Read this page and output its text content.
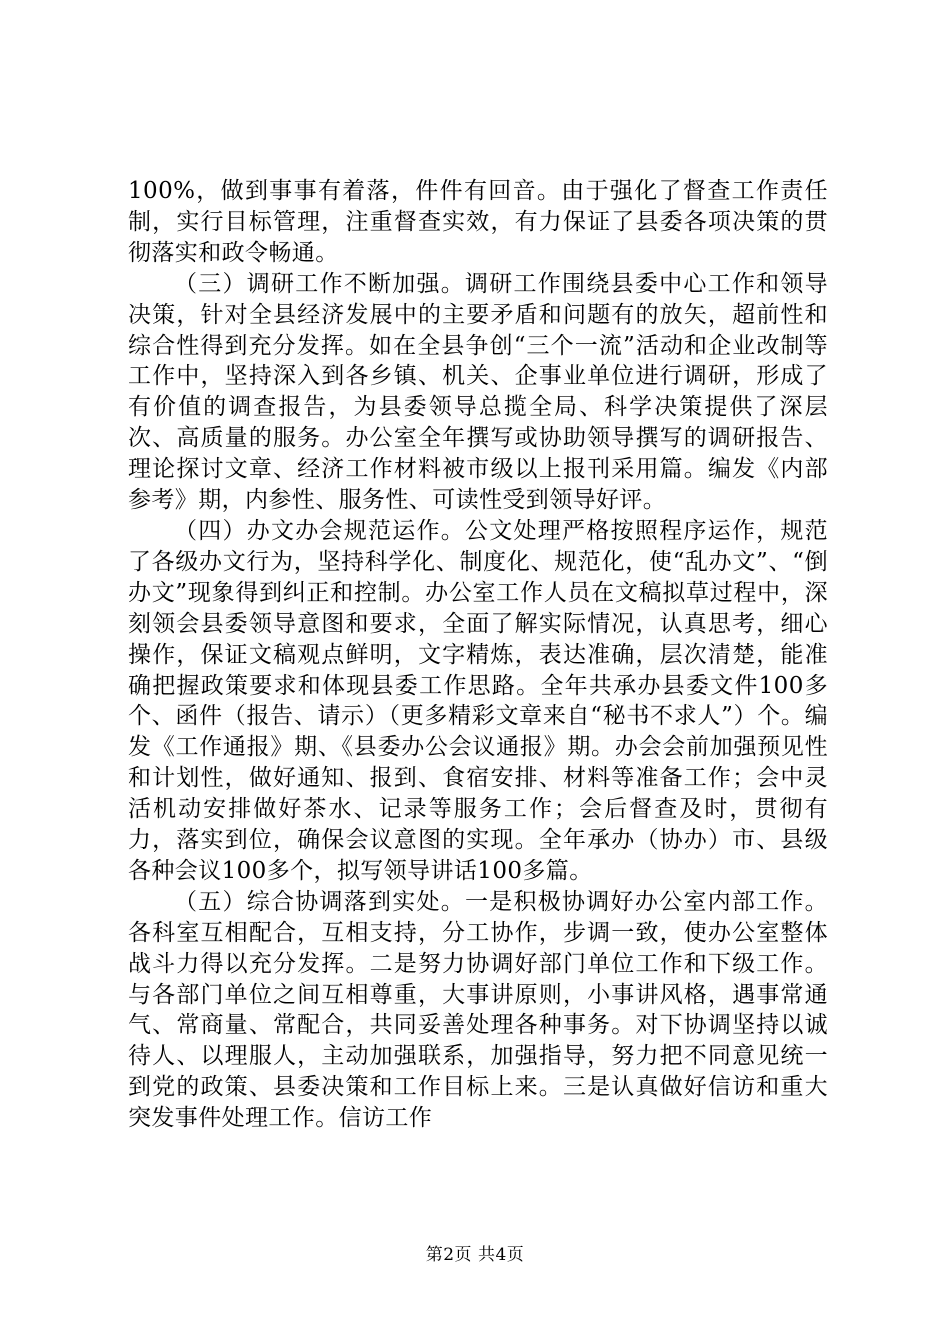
100%，做到事事有着落，件件有回音。由于强化了督查工作责任制，实行目标管理，注重督查实效，有力保证了县委各项决策的贯彻落实和政令畅通。

（三）调研工作不断加强。调研工作围绕县委中心工作和领导决策，针对全县经济发展中的主要矛盾和问题有的放矢，超前性和综合性得到充分发挥。如在全县争创“三个一流”活动和企业改制等工作中，坚持深入到各乡镇、机关、企事业单位进行调研，形成了有价值的调查报告，为县委领导总揽全局、科学决策提供了深层次、高质量的服务。办公室全年撰写或协助领导撰写的调研报告、理论探讨文章、经济工作材料被市级以上报刊采用篇。编发《内部参考》期，内参性、服务性、可读性受到领导好评。

（四）办文办会规范运作。公文处理严格按照程序运作，规范了各级办文行为，坚持科学化、制度化、规范化，使“乱办文”、“倒办文”现象得到纠正和控制。办公室工作人员在文稿拟草过程中，深刻领会县委领导意图和要求，全面了解实际情况，认真思考，细心操作，保证文稿观点鲜明，文字精炼，表达准确，层次清楚，能准确把握政策要求和体现县委工作思路。全年共承办县委文件100多个、函件（报告、请示）（更多精彩文章来自“秘书不求人”）个。编发《工作通报》期、《县委办公会议通报》期。办会会前加强预见性和计划性，做好通知、报到、食宿安排、材料等准备工作；会中灵活机动安排做好茶水、记录等服务工作；会后督查及时，贯彻有力，落实到位，确保会议意图的实现。全年承办（协办）市、县级各种会议100多个，拟写领导讲话100多篇。

（五）综合协调落到实处。一是积极协调好办公室内部工作。各科室互相配合，互相支持，分工协作，步调一致，使办公室整体战斗力得以充分发挥。二是努力协调好部门单位工作和下级工作。与各部门单位之间互相尊重，大事讲原则，小事讲风格，遇事常通气、常商量、常配合，共同妥善处理各种事务。对下协调坚持以诚待人、以理服人，主动加强联系，加强指导，努力把不同意见统一到党的政策、县委决策和工作目标上来。三是认真做好信访和重大突发事件处理工作。信访工作

第2页 共4页
